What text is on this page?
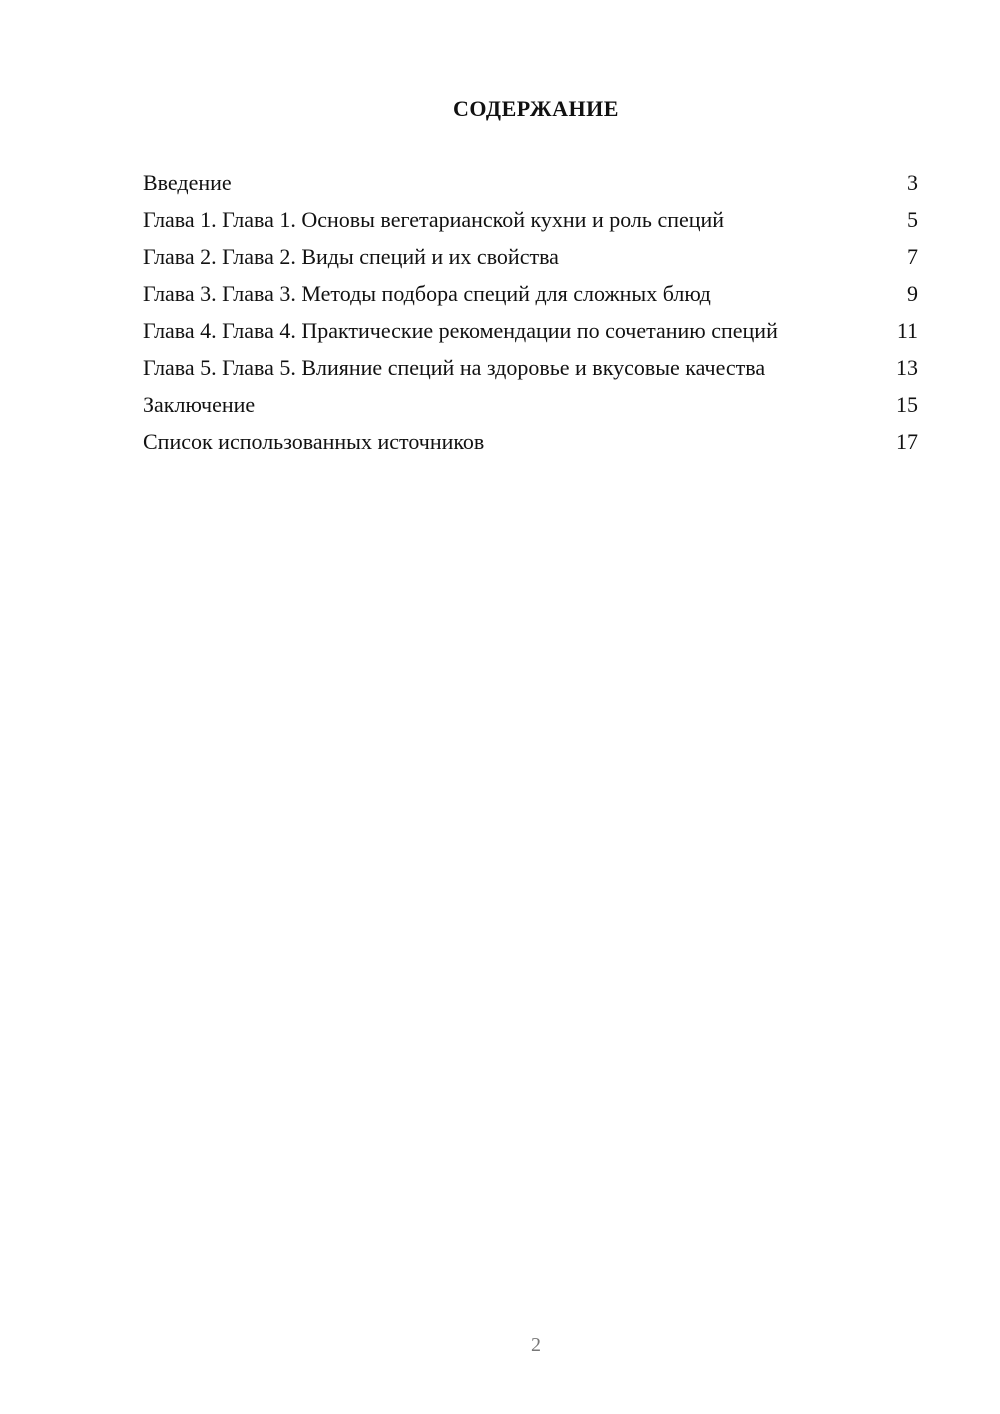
СОДЕРЖАНИЕ
Введение	3
Глава 1. Глава 1. Основы вегетарианской кухни и роль специй	5
Глава 2. Глава 2. Виды специй и их свойства	7
Глава 3. Глава 3. Методы подбора специй для сложных блюд	9
Глава 4. Глава 4. Практические рекомендации по сочетанию специй	11
Глава 5. Глава 5. Влияние специй на здоровье и вкусовые качества	13
Заключение	15
Список использованных источников	17
2
